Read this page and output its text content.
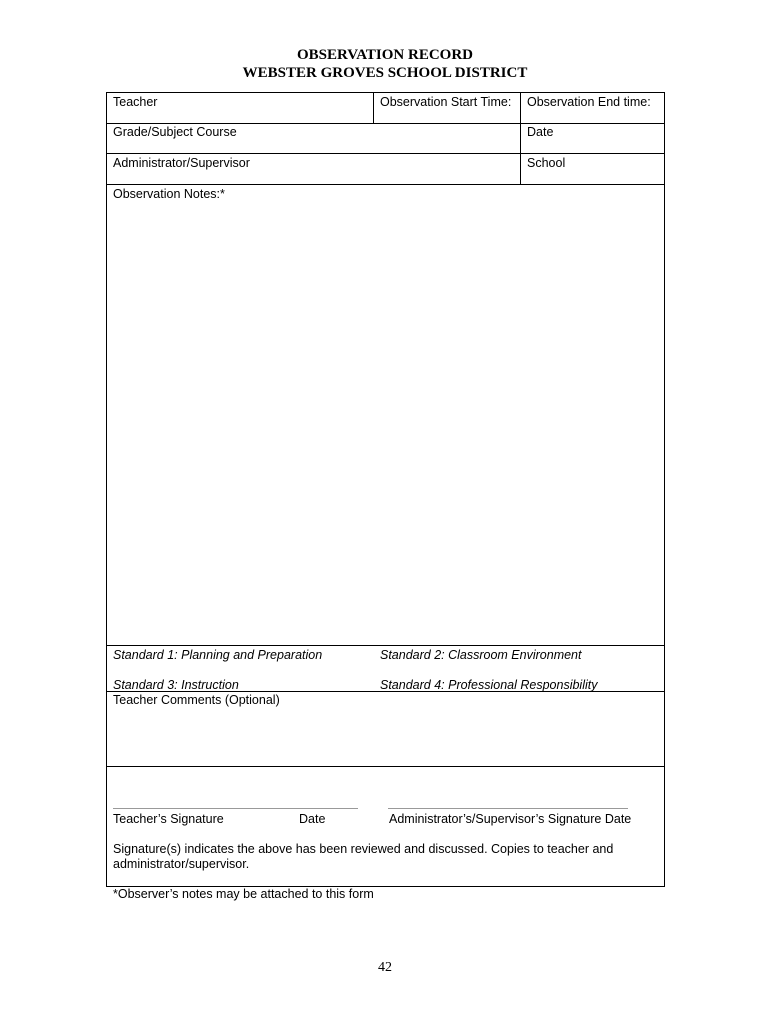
OBSERVATION RECORD
WEBSTER GROVES SCHOOL DISTRICT
Teacher	Observation Start Time: Observation End time:
Grade/Subject Course	Date
Administrator/Supervisor	School
Observation Notes:*
Standard 1: Planning and Preparation	Standard 2: Classroom Environment
Standard 3: Instruction	Standard 4: Professional Responsibility
Teacher Comments (Optional)
Teacher’s Signature	Date	Administrator’s/Supervisor’s Signature Date
Signature(s) indicates the above has been reviewed and discussed. Copies to teacher and administrator/supervisor.
*Observer’s notes may be attached to this form
42
